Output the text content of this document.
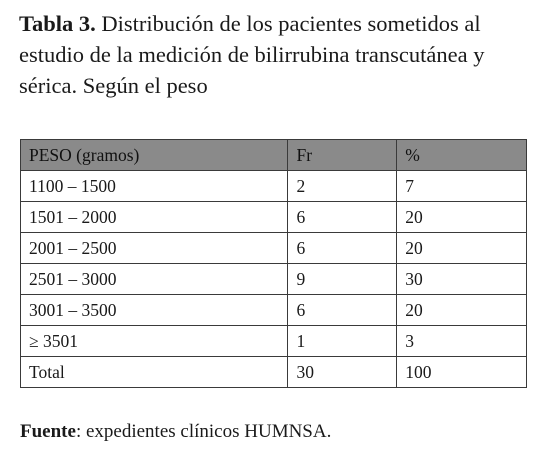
Tabla 3. Distribución de los pacientes sometidos al estudio de la medición de bilirrubina transcutánea y sérica. Según el peso

PESO (gramos)	Fr	%
1100 – 1500	2	7
1501 – 2000	6	20
2001 – 2500	6	20
2501 – 3000	9	30
3001 – 3500	6	20
≥ 3501	1	3
Total	30	100

Fuente: expedientes clínicos HUMNSA.
